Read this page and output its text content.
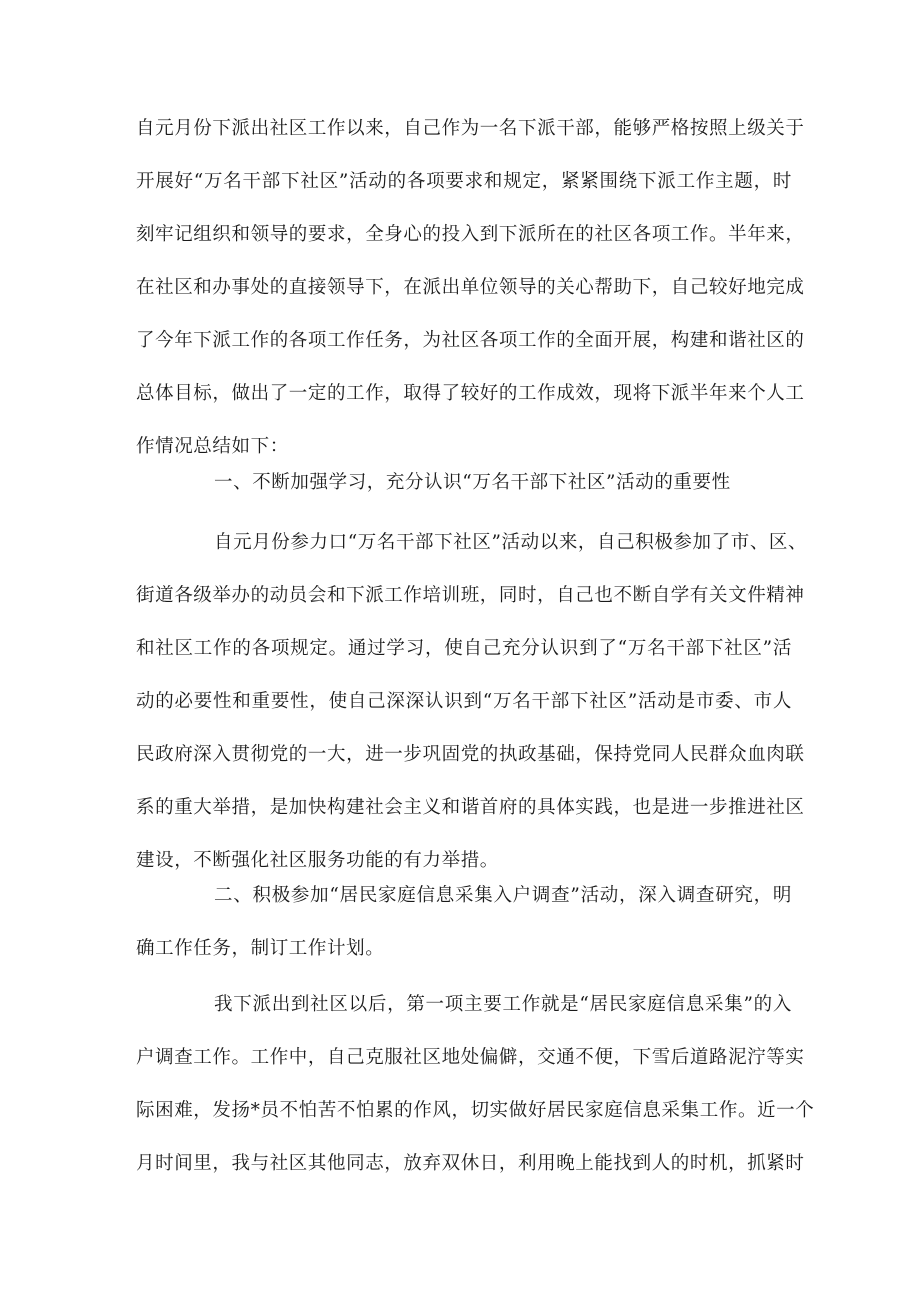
自元月份下派出社区工作以来，自己作为一名下派干部，能够严格按照上级关于
开展好“万名干部下社区”活动的各项要求和规定，紧紧围绕下派工作主题，时
刻牢记组织和领导的要求，全身心的投入到下派所在的社区各项工作。半年来，
在社区和办事处的直接领导下，在派出单位领导的关心帮助下，自己较好地完成
了今年下派工作的各项工作任务，为社区各项工作的全面开展，构建和谐社区的
总体目标，做出了一定的工作，取得了较好的工作成效，现将下派半年来个人工
作情况总结如下：
一、不断加强学习，充分认识“万名干部下社区”活动的重要性
自元月份参力口“万名干部下社区”活动以来，自己积极参加了市、区、
街道各级举办的动员会和下派工作培训班，同时，自己也不断自学有关文件精神
和社区工作的各项规定。通过学习，使自己充分认识到了“万名干部下社区”活
动的必要性和重要性，使自己深深认识到“万名干部下社区”活动是市委、市人
民政府深入贯彻党的一大，进一步巩固党的执政基础，保持党同人民群众血肉联
系的重大举措，是加快构建社会主义和谐首府的具体实践，也是进一步推进社区
建设，不断强化社区服务功能的有力举措。
二、积极参加“居民家庭信息采集入户调查”活动，深入调查研究，明
确工作任务，制订工作计划。
我下派出到社区以后，第一项主要工作就是“居民家庭信息采集”的入
户调查工作。工作中，自己克服社区地处偏僻，交通不便，下雪后道路泥泞等实
际困难，发扬*员不怕苦不怕累的作风，切实做好居民家庭信息采集工作。近一个
月时间里，我与社区其他同志，放弃双休日，利用晚上能找到人的时机，抓紧时
